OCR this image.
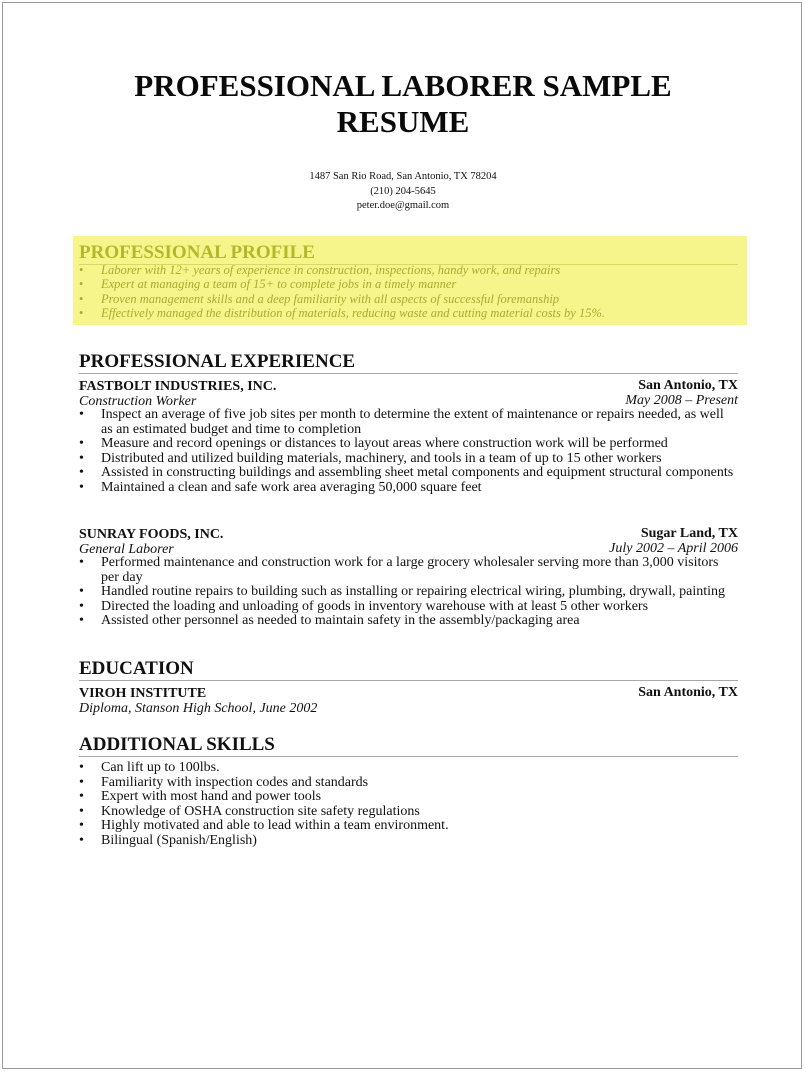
PROFESSIONAL LABORER SAMPLE
RESUME
1487 San Rio Road, San Antonio, TX 78204
(210) 204-5645
peter.doe@gmail.com
PROFESSIONAL PROFILE
• Laborer with 12+ years of experience in construction, inspections, handy work, and repairs
• Expert at managing a team of 15+ to complete jobs in a timely manner
• Proven management skills and a deep familiarity with all aspects of successful foremanship
• Effectively managed the distribution of materials, reducing waste and cutting material costs by 15%.
PROFESSIONAL EXPERIENCE
FASTBOLT INDUSTRIES, INC.	San Antonio, TX
Construction Worker	May 2008 – Present
• Inspect an average of five job sites per month to determine the extent of maintenance or repairs needed, as well as an estimated budget and time to completion
• Measure and record openings or distances to layout areas where construction work will be performed
• Distributed and utilized building materials, machinery, and tools in a team of up to 15 other workers
• Assisted in constructing buildings and assembling sheet metal components and equipment structural components
• Maintained a clean and safe work area averaging 50,000 square feet
SUNRAY FOODS, INC.	Sugar Land, TX
General Laborer	July 2002 – April 2006
• Performed maintenance and construction work for a large grocery wholesaler serving more than 3,000 visitors per day
• Handled routine repairs to building such as installing or repairing electrical wiring, plumbing, drywall, painting
• Directed the loading and unloading of goods in inventory warehouse with at least 5 other workers
• Assisted other personnel as needed to maintain safety in the assembly/packaging area
EDUCATION
VIROH INSTITUTE	San Antonio, TX
Diploma, Stanson High School, June 2002
ADDITIONAL SKILLS
• Can lift up to 100lbs.
• Familiarity with inspection codes and standards
• Expert with most hand and power tools
• Knowledge of OSHA construction site safety regulations
• Highly motivated and able to lead within a team environment.
• Bilingual (Spanish/English)
